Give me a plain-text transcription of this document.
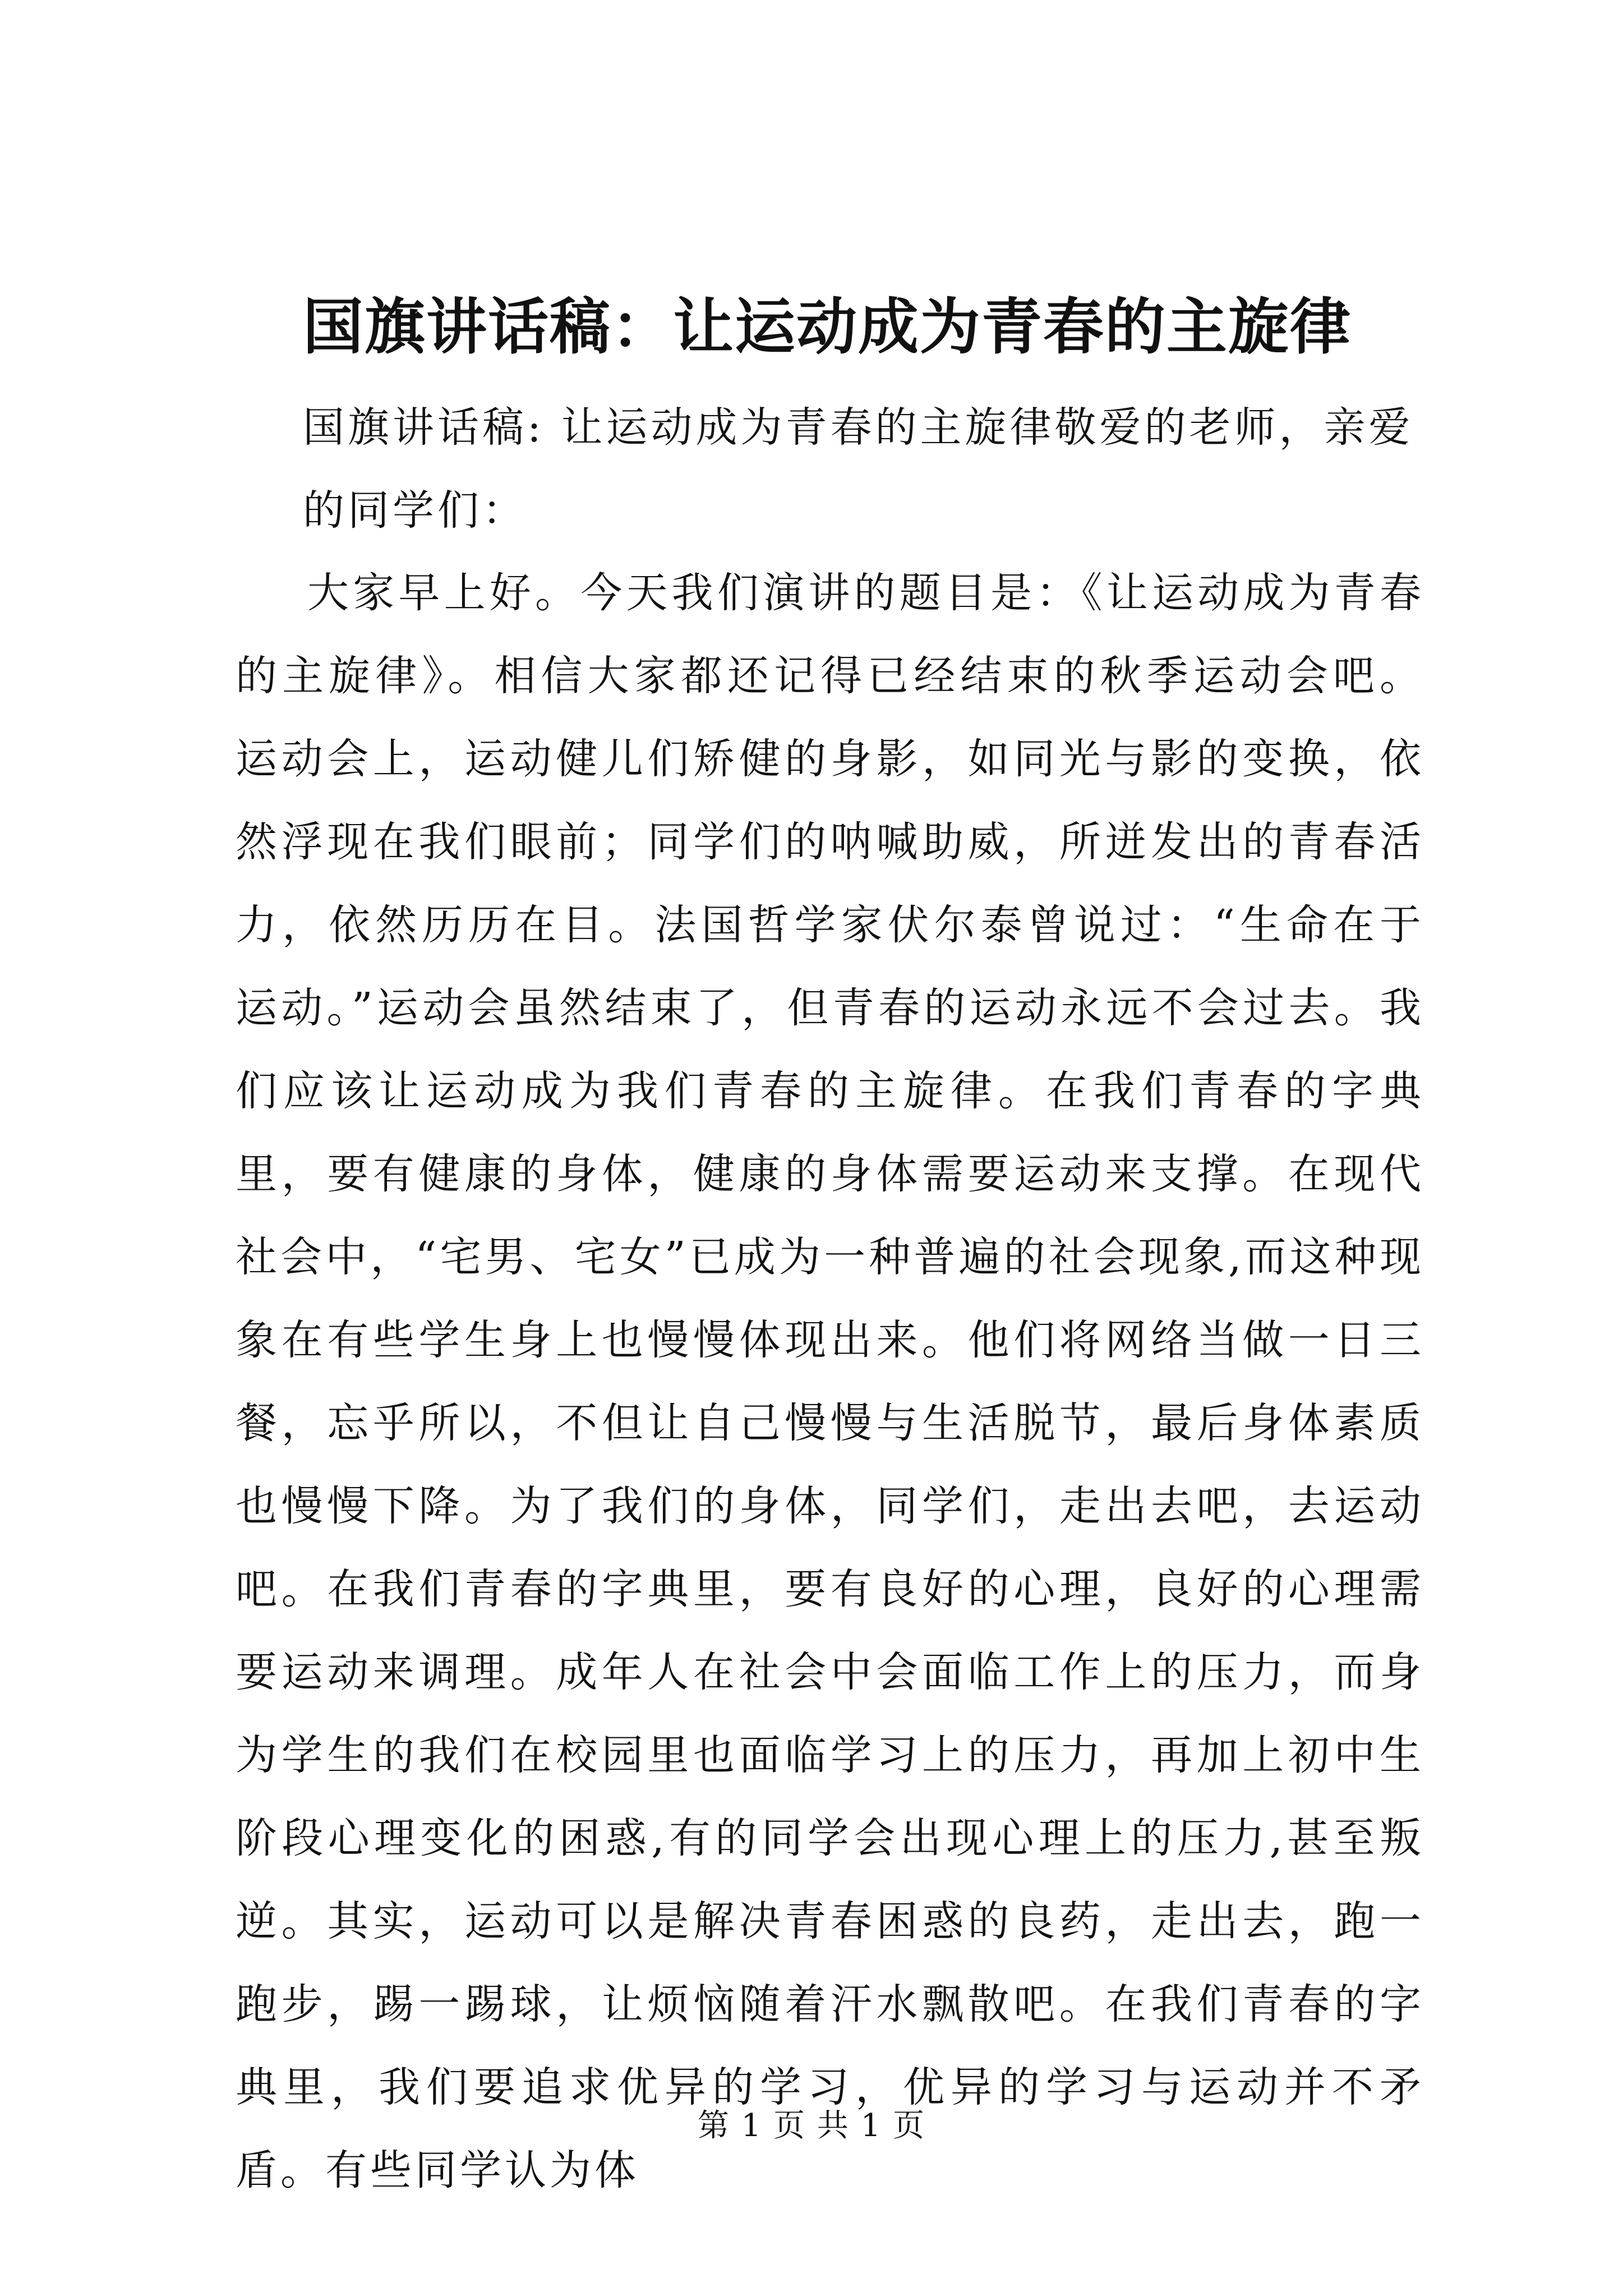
国旗讲话稿：让运动成为青春的主旋律
国旗讲话稿: 让运动成为青春的主旋律敬爱的老师，亲爱的同学们：
大家早上好。今天我们演讲的题目是：《让运动成为青春的主旋律》。相信大家都还记得已经结束的秋季运动会吧。运动会上，运动健儿们矫健的身影，如同光与影的变换，依然浮现在我们眼前；同学们的呐喊助威，所迸发出的青春活力，依然历历在目。法国哲学家伏尔泰曾说过：“生命在于运动。”运动会虽然结束了，但青春的运动永远不会过去。我们应该让运动成为我们青春的主旋律。在我们青春的字典里，要有健康的身体，健康的身体需要运动来支撑。在现代社会中，“宅男、宅女”已成为一种普遍的社会现象,而这种现象在有些学生身上也慢慢体现出来。他们将网络当做一日三餐，忘乎所以，不但让自己慢慢与生活脱节，最后身体素质也慢慢下降。为了我们的身体，同学们，走出去吧，去运动吧。在我们青春的字典里，要有良好的心理，良好的心理需要运动来调理。成年人在社会中会面临工作上的压力，而身为学生的我们在校园里也面临学习上的压力，再加上初中生阶段心理变化的困惑,有的同学会出现心理上的压力,甚至叛逆。其实，运动可以是解决青春困惑的良药，走出去，跑一跑步，踢一踢球，让烦恼随着汗水飘散吧。在我们青春的字典里，我们要追求优异的学习，优异的学习与运动并不矛盾。有些同学认为体
第 1 页 共 1 页
